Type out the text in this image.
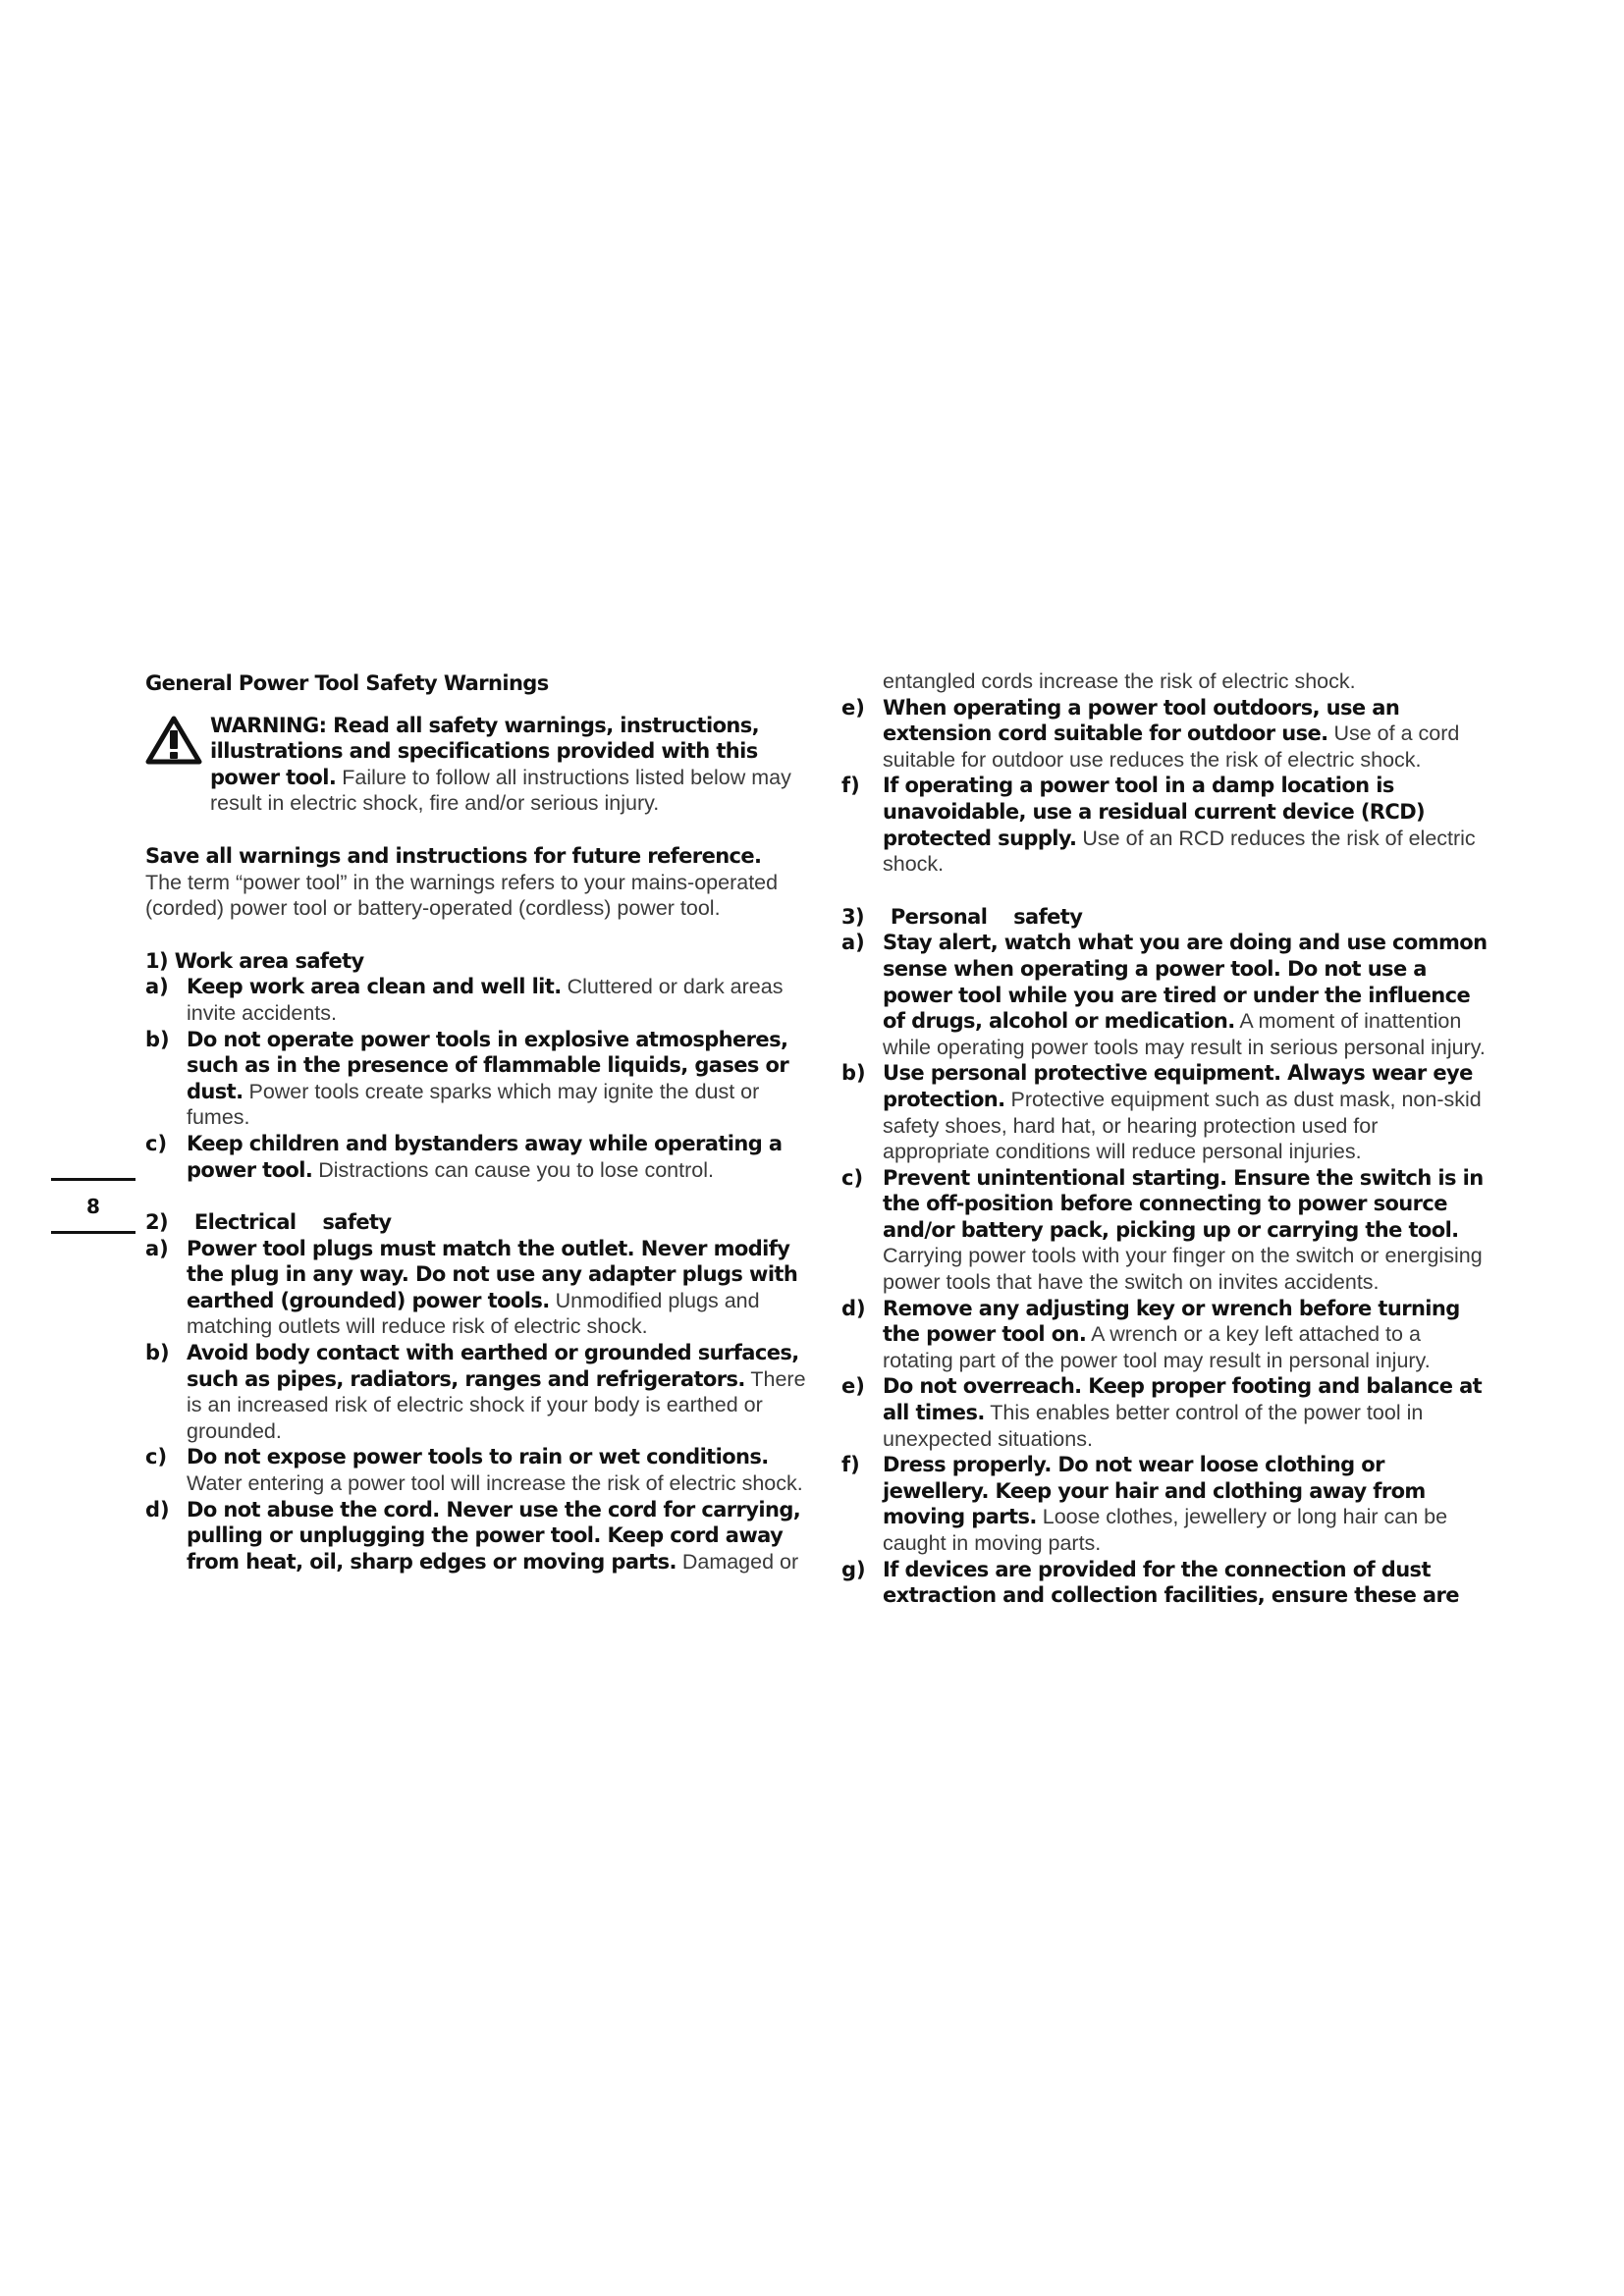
8
General Power Tool Safety Warnings
WARNING: Read all safety warnings, instructions, illustrations and specifications provided with this power tool. Failure to follow all instructions listed below may result in electric shock, fire and/or serious injury.
Save all warnings and instructions for future reference.
The term “power tool” in the warnings refers to your mains-operated (corded) power tool or battery-operated (cordless) power tool.
1) Work area safety
a) Keep work area clean and well lit. Cluttered or dark areas invite accidents.
b) Do not operate power tools in explosive atmospheres, such as in the presence of flammable liquids, gases or dust. Power tools create sparks which may ignite the dust or fumes.
c) Keep children and bystanders away while operating a power tool. Distractions can cause you to lose control.
2)    Electrical    safety
a) Power tool plugs must match the outlet. Never modify the plug in any way. Do not use any adapter plugs with earthed (grounded) power tools. Unmodified plugs and matching outlets will reduce risk of electric shock.
b) Avoid body contact with earthed or grounded surfaces, such as pipes, radiators, ranges and refrigerators. There is an increased risk of electric shock if your body is earthed or grounded.
c) Do not expose power tools to rain or wet conditions. Water entering a power tool will increase the risk of electric shock.
d) Do not abuse the cord. Never use the cord for carrying, pulling or unplugging the power tool. Keep cord away from heat, oil, sharp edges or moving parts. Damaged or
entangled cords increase the risk of electric shock.
e) When operating a power tool outdoors, use an extension cord suitable for outdoor use. Use of a cord suitable for outdoor use reduces the risk of electric shock.
f) If operating a power tool in a damp location is unavoidable, use a residual current device (RCD) protected supply. Use of an RCD reduces the risk of electric shock.
3)    Personal    safety
a) Stay alert, watch what you are doing and use common sense when operating a power tool. Do not use a power tool while you are tired or under the influence of drugs, alcohol or medication. A moment of inattention while operating power tools may result in serious personal injury.
b) Use personal protective equipment. Always wear eye protection. Protective equipment such as dust mask, non-skid safety shoes, hard hat, or hearing protection used for appropriate conditions will reduce personal injuries.
c) Prevent unintentional starting. Ensure the switch is in the off-position before connecting to power source and/or battery pack, picking up or carrying the tool. Carrying power tools with your finger on the switch or energising power tools that have the switch on invites accidents.
d) Remove any adjusting key or wrench before turning the power tool on. A wrench or a key left attached to a rotating part of the power tool may result in personal injury.
e) Do not overreach. Keep proper footing and balance at all times. This enables better control of the power tool in unexpected situations.
f) Dress properly. Do not wear loose clothing or jewellery. Keep your hair and clothing away from moving parts. Loose clothes, jewellery or long hair can be caught in moving parts.
g) If devices are provided for the connection of dust extraction and collection facilities, ensure these are
